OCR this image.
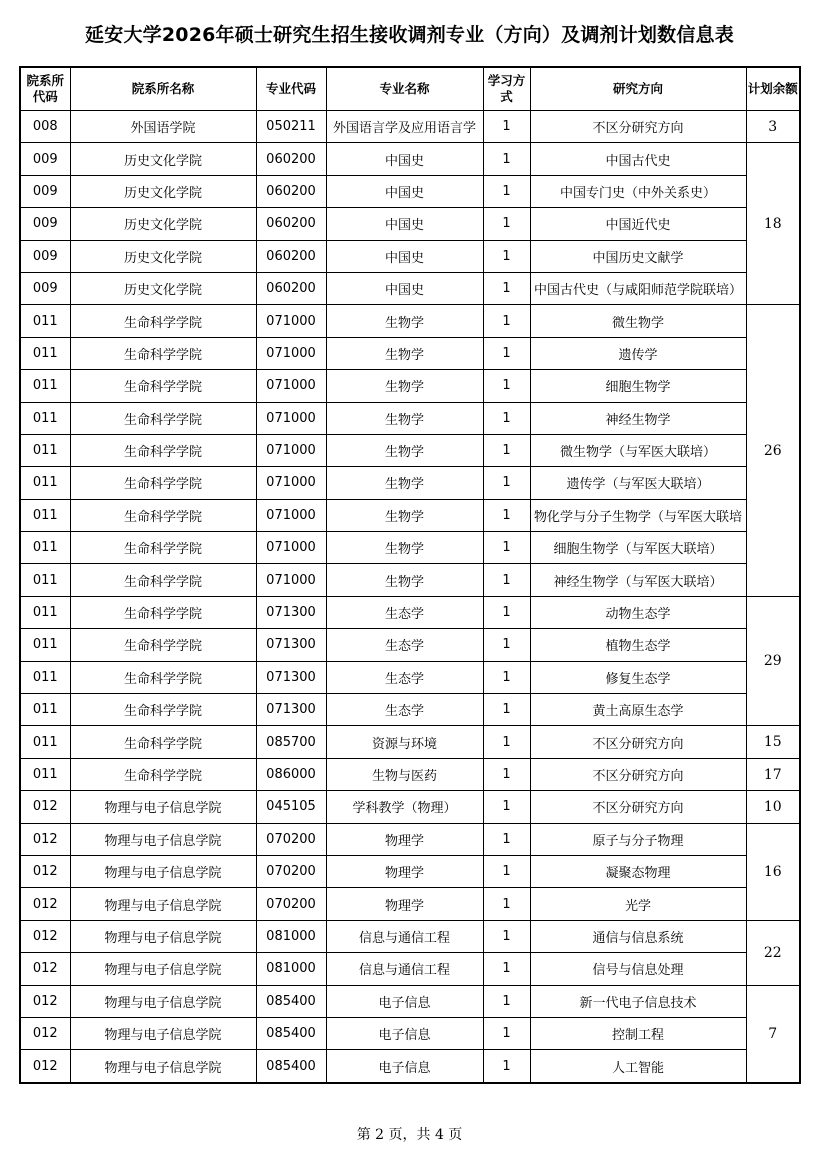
延安大学2026年硕士研究生招生接收调剂专业（方向）及调剂计划数信息表
院系所代码	院系所名称	专业代码	专业名称	学习方式	研究方向	计划余额
008	外国语学院	050211	外国语言学及应用语言学	1	不区分研究方向	3
009	历史文化学院	060200	中国史	1	中国古代史	18
009	历史文化学院	060200	中国史	1	中国专门史（中外关系史）	
009	历史文化学院	060200	中国史	1	中国近代史	
009	历史文化学院	060200	中国史	1	中国历史文献学	
009	历史文化学院	060200	中国史	1	中国古代史（与咸阳师范学院联培）	
011	生命科学学院	071000	生物学	1	微生物学	26
011	生命科学学院	071000	生物学	1	遗传学	
011	生命科学学院	071000	生物学	1	细胞生物学	
011	生命科学学院	071000	生物学	1	神经生物学	
011	生命科学学院	071000	生物学	1	微生物学（与军医大联培）	
011	生命科学学院	071000	生物学	1	遗传学（与军医大联培）	
011	生命科学学院	071000	生物学	1	物化学与分子生物学（与军医大联培	
011	生命科学学院	071000	生物学	1	细胞生物学（与军医大联培）	
011	生命科学学院	071000	生物学	1	神经生物学（与军医大联培）	
011	生命科学学院	071300	生态学	1	动物生态学	29
011	生命科学学院	071300	生态学	1	植物生态学	
011	生命科学学院	071300	生态学	1	修复生态学	
011	生命科学学院	071300	生态学	1	黄土高原生态学	
011	生命科学学院	085700	资源与环境	1	不区分研究方向	15
011	生命科学学院	086000	生物与医药	1	不区分研究方向	17
012	物理与电子信息学院	045105	学科教学（物理）	1	不区分研究方向	10
012	物理与电子信息学院	070200	物理学	1	原子与分子物理	16
012	物理与电子信息学院	070200	物理学	1	凝聚态物理	
012	物理与电子信息学院	070200	物理学	1	光学	
012	物理与电子信息学院	081000	信息与通信工程	1	通信与信息系统	22
012	物理与电子信息学院	081000	信息与通信工程	1	信号与信息处理	
012	物理与电子信息学院	085400	电子信息	1	新一代电子信息技术	7
012	物理与电子信息学院	085400	电子信息	1	控制工程	
012	物理与电子信息学院	085400	电子信息	1	人工智能	
第 2 页，共 4 页
